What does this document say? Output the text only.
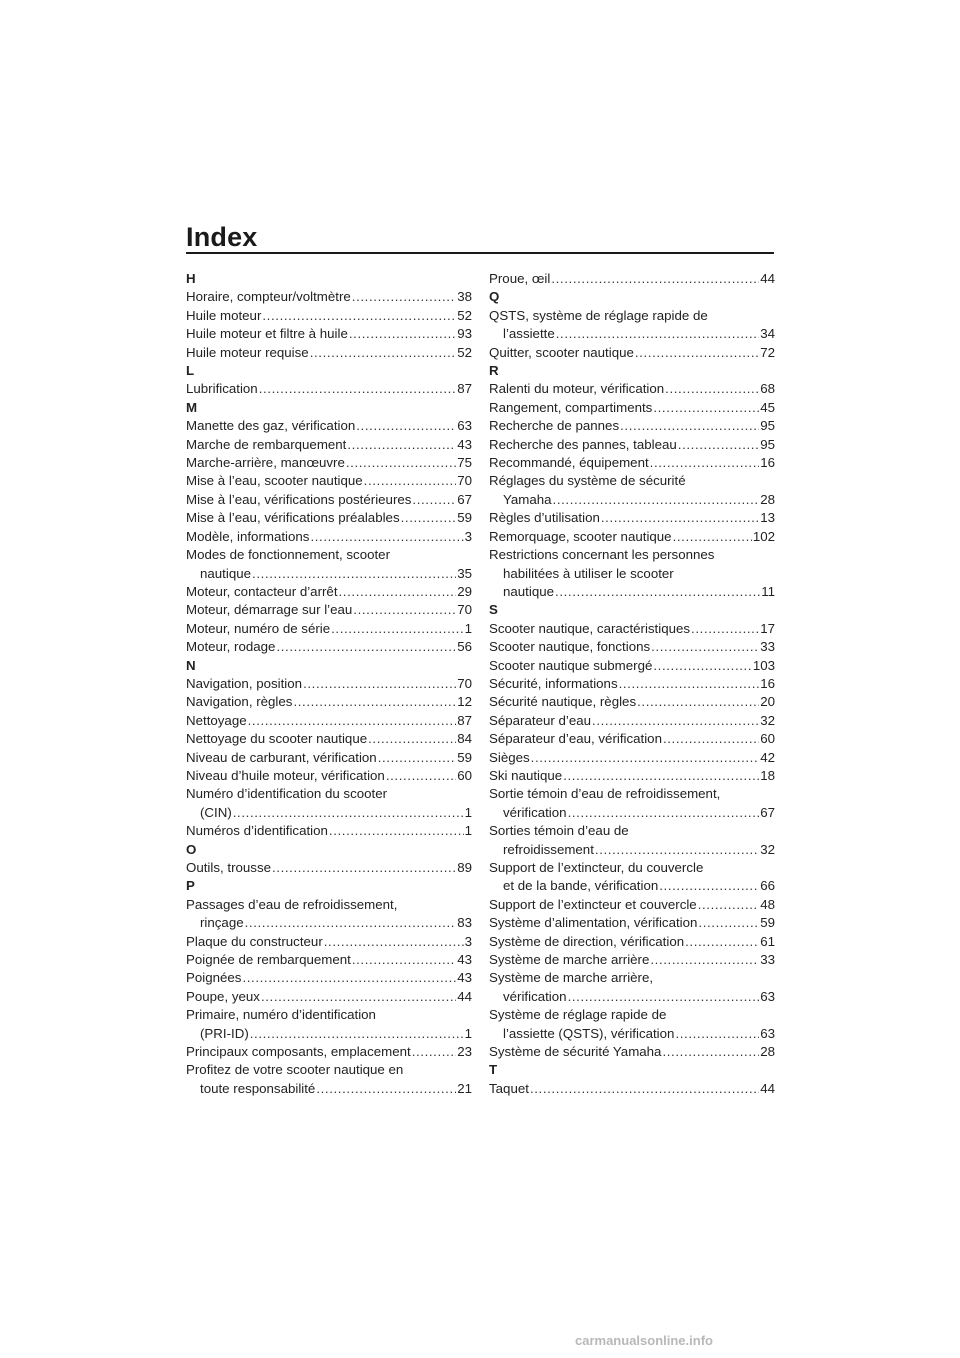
Index
H
Horaire, compteur/voltmètre .....	38
Huile moteur .....	52
Huile moteur et filtre à huile .....	93
Huile moteur requise .....	52
L
Lubrification .....	87
M
Manette des gaz, vérification .....	63
Marche de rembarquement .....	43
Marche-arrière, manœuvre .....	75
Mise à l’eau, scooter nautique .....	70
Mise à l’eau, vérifications postérieures .....	67
Mise à l’eau, vérifications préalables .....	59
Modèle, informations .....	3
Modes de fonctionnement, scooter
nautique .....	35
Moteur, contacteur d’arrêt .....	29
Moteur, démarrage sur l’eau .....	70
Moteur, numéro de série .....	1
Moteur, rodage .....	56
N
Navigation, position .....	70
Navigation, règles .....	12
Nettoyage .....	87
Nettoyage du scooter nautique .....	84
Niveau de carburant, vérification .....	59
Niveau d’huile moteur, vérification .....	60
Numéro d’identification du scooter
(CIN) .....	1
Numéros d’identification .....	1
O
Outils, trousse .....	89
P
Passages d’eau de refroidissement,
rinçage .....	83
Plaque du constructeur .....	3
Poignée de rembarquement .....	43
Poignées .....	43
Poupe, yeux .....	44
Primaire, numéro d’identification
(PRI-ID) .....	1
Principaux composants, emplacement .....	23
Profitez de votre scooter nautique en
toute responsabilité .....	21
Proue, œil .....	44
Q
QSTS, système de réglage rapide de
l’assiette .....	34
Quitter, scooter nautique .....	72
R
Ralenti du moteur, vérification .....	68
Rangement, compartiments .....	45
Recherche de pannes .....	95
Recherche des pannes, tableau .....	95
Recommandé, équipement .....	16
Réglages du système de sécurité
Yamaha .....	28
Règles d’utilisation .....	13
Remorquage, scooter nautique .....	102
Restrictions concernant les personnes
habilitées à utiliser le scooter
nautique .....	11
S
Scooter nautique, caractéristiques .....	17
Scooter nautique, fonctions .....	33
Scooter nautique submergé .....	103
Sécurité, informations .....	16
Sécurité nautique, règles .....	20
Séparateur d’eau .....	32
Séparateur d’eau, vérification .....	60
Sièges .....	42
Ski nautique .....	18
Sortie témoin d’eau de refroidissement,
vérification .....	67
Sorties témoin d’eau de
refroidissement .....	32
Support de l’extincteur, du couvercle
et de la bande, vérification .....	66
Support de l’extincteur et couvercle .....	48
Système d’alimentation, vérification .....	59
Système de direction, vérification .....	61
Système de marche arrière .....	33
Système de marche arrière,
vérification .....	63
Système de réglage rapide de
l’assiette (QSTS), vérification .....	63
Système de sécurité Yamaha .....	28
T
Taquet .....	44
carmanualsonline.info
